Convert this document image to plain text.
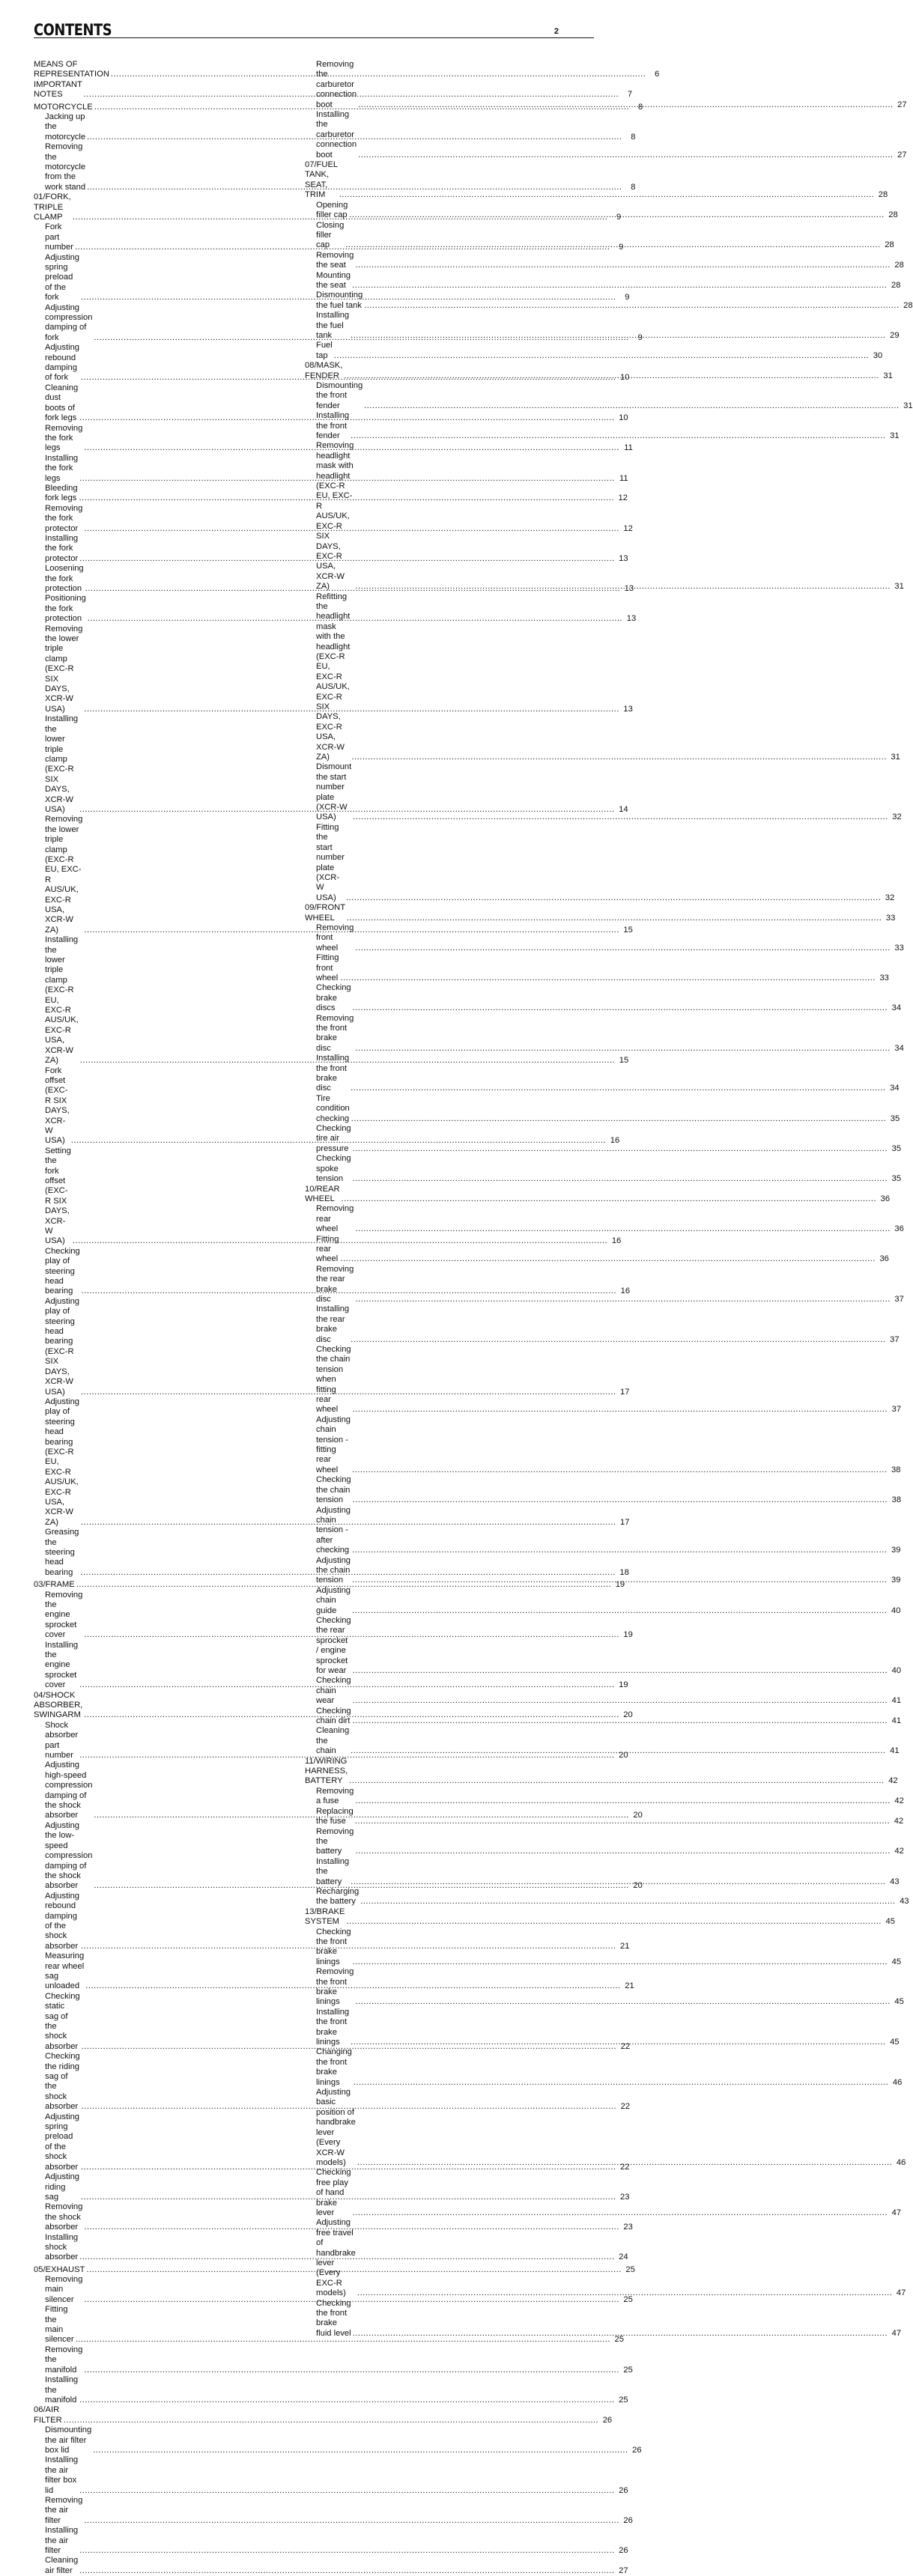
CONTENTS	2
MEANS OF REPRESENTATION .....	6
IMPORTANT NOTES .....	7
MOTORCYCLE .....	8
Jacking up the motorcycle .....	8
Removing the motorcycle from the work stand .....	8
01/FORK, TRIPLE CLAMP .....	9
Fork part number .....	9
Adjusting spring preload of the fork .....	9
Adjusting compression damping of fork .....	9
Adjusting rebound damping of fork .....	10
Cleaning dust boots of fork legs .....	10
Removing the fork legs .....	11
Installing the fork legs .....	11
Bleeding fork legs .....	12
Removing the fork protector .....	12
Installing the fork protector .....	13
Loosening the fork protection .....	13
Positioning the fork protection .....	13
Removing the lower triple clamp (EXC-R SIX DAYS, XCR-W USA) .....	13
Installing the lower triple clamp (EXC-R SIX DAYS, XCR-W USA) .....	14
Removing the lower triple clamp (EXC-R EU, EXC-R AUS/UK, EXC-R USA, XCR-W ZA) .....	15
Installing the lower triple clamp (EXC-R EU, EXC-R AUS/UK, EXC-R USA, XCR-W ZA) .....	15
Fork offset (EXC-R SIX DAYS, XCR-W USA) .....	16
Setting the fork offset (EXC-R SIX DAYS, XCR-W USA) .....	16
Checking play of steering head bearing .....	16
Adjusting play of steering head bearing (EXC-R SIX DAYS, XCR-W USA) .....	17
Adjusting play of steering head bearing (EXC-R EU, EXC-R AUS/UK, EXC-R USA, XCR-W ZA) .....	17
Greasing the steering head bearing .....	18
03/FRAME .....	19
Removing the engine sprocket cover .....	19
Installing the engine sprocket cover .....	19
04/SHOCK ABSORBER, SWINGARM .....	20
Shock absorber part number .....	20
Adjusting high-speed compression damping of the shock absorber .....	20
Adjusting the low-speed compression damping of the shock absorber .....	20
Adjusting rebound damping of the shock absorber .....	21
Measuring rear wheel sag unloaded .....	21
Checking static sag of the shock absorber .....	22
Checking the riding sag of the shock absorber .....	22
Adjusting spring preload of the shock absorber .....	22
Adjusting riding sag .....	23
Removing the shock absorber .....	23
Installing shock absorber .....	24
05/EXHAUST .....	25
Removing main silencer .....	25
Fitting the main silencer .....	25
Removing the manifold .....	25
Installing the manifold .....	25
06/AIR FILTER .....	26
Dismounting the air filter box lid .....	26
Installing the air filter box lid .....	26
Removing the air filter .....	26
Installing the air filter .....	26
Cleaning air filter .....	27
Removing the carburetor connection boot .....	27
Installing the carburetor connection boot .....	27
07/FUEL TANK, SEAT, TRIM .....	28
Opening filler cap .....	28
Closing filler cap .....	28
Removing the seat .....	28
Mounting the seat .....	28
Dismounting the fuel tank .....	28
Installing the fuel tank .....	29
Fuel tap .....	30
08/MASK, FENDER .....	31
Dismounting the front fender .....	31
Installing the front fender .....	31
Removing headlight mask with headlight (EXC-R EU, EXC-R AUS/UK, EXC-R SIX DAYS, EXC-R USA, XCR-W ZA) .....	31
Refitting the headlight mask with the headlight (EXC-R EU, EXC-R AUS/UK, EXC-R SIX DAYS, EXC-R USA, XCR-W ZA) .....	31
Dismount the start number plate (XCR-W USA) .....	32
Fitting the start number plate (XCR-W USA) .....	32
09/FRONT WHEEL .....	33
Removing front wheel .....	33
Fitting front wheel .....	33
Checking brake discs .....	34
Removing the front brake disc .....	34
Installing the front brake disc .....	34
Tire condition checking .....	35
Checking tire air pressure .....	35
Checking spoke tension .....	35
10/REAR WHEEL .....	36
Removing rear wheel .....	36
Fitting rear wheel .....	36
Removing the rear brake disc .....	37
Installing the rear brake disc .....	37
Checking the chain tension when fitting rear wheel .....	37
Adjusting chain tension - fitting rear wheel .....	38
Checking the chain tension .....	38
Adjusting chain tension - after checking .....	39
Adjusting the chain tension .....	39
Adjusting chain guide .....	40
Checking the rear sprocket / engine sprocket for wear .....	40
Checking chain wear .....	41
Checking chain dirt .....	41
Cleaning the chain .....	41
11/WIRING HARNESS, BATTERY .....	42
Removing a fuse .....	42
Replacing the fuse .....	42
Removing the battery .....	42
Installing the battery .....	43
Recharging the battery .....	43
13/BRAKE SYSTEM .....	45
Checking the front brake linings .....	45
Removing the front brake linings .....	45
Installing the front brake linings .....	45
Changing the front brake linings .....	46
Adjusting basic position of handbrake lever (Every XCR-W models) .....	46
Checking free play of hand brake lever .....	47
Adjusting free travel of handbrake lever (Every EXC-R models) .....	47
Checking the front brake fluid level .....	47
